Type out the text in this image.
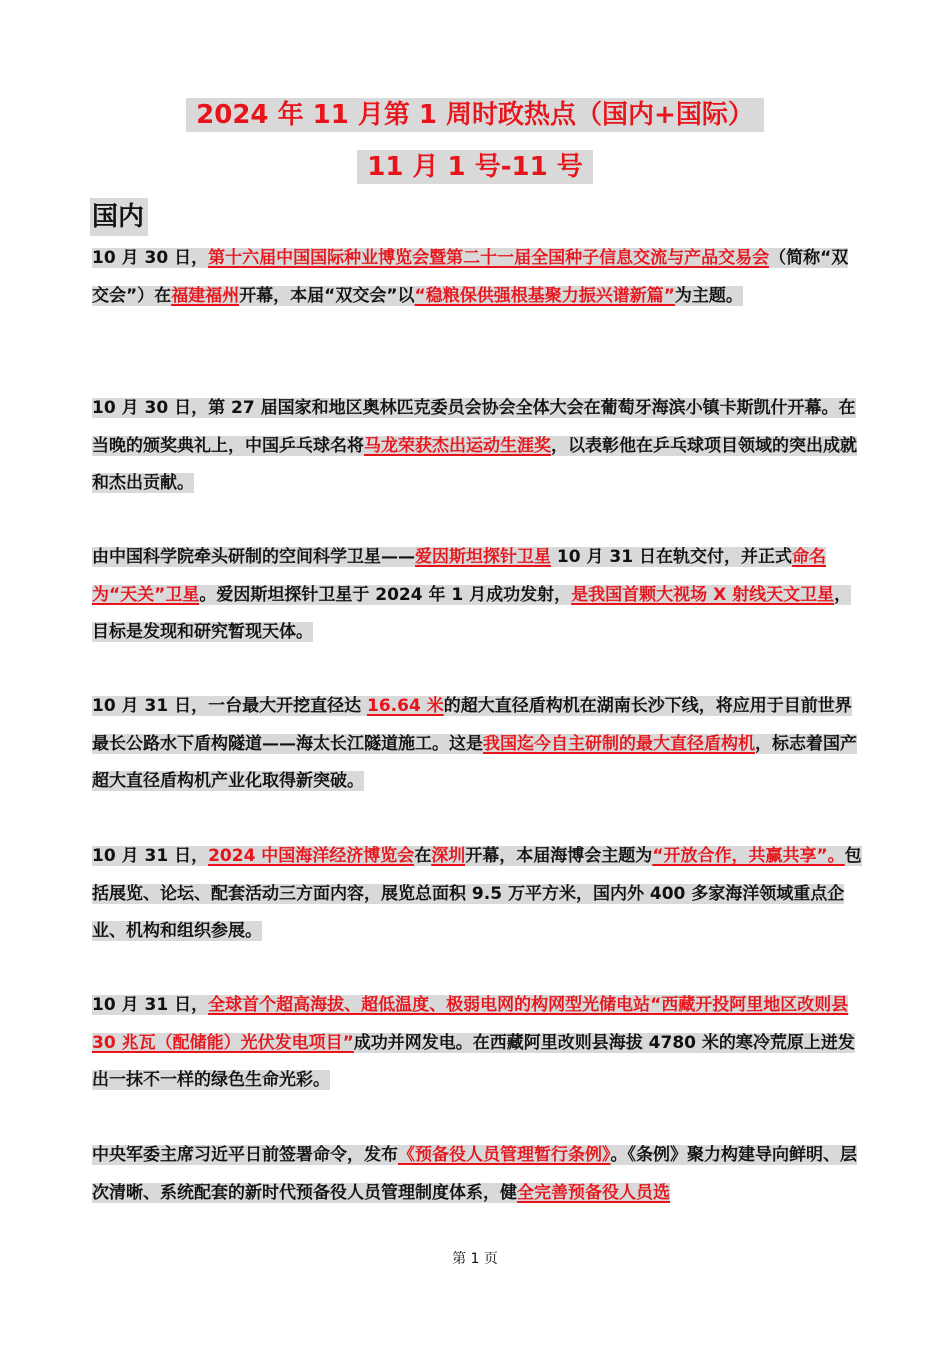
2024 年 11 月第 1 周时政热点（国内+国际）
11 月 1 号-11 号
国内
10 月 30 日，第十六届中国国际种业博览会暨第二十一届全国种子信息交流与产品交易会（简称“双交会”）在福建福州开幕，本届“双交会”以“稳粮保供强根基聚力振兴谱新篇”为主题。
10 月 30 日，第 27 届国家和地区奥林匹克委员会协会全体大会在葡萄牙海滨小镇卡斯凯什开幕。在当晚的颁奖典礼上，中国乒乓球名将马龙荣获杰出运动生涯奖，以表彰他在乒乓球项目领域的突出成就和杰出贡献。
由中国科学院牵头研制的空间科学卫星——爱因斯坦探针卫星 10 月 31 日在轨交付，并正式命名为“天关”卫星。爱因斯坦探针卫星于 2024 年 1 月成功发射，是我国首颗大视场 X 射线天文卫星，目标是发现和研究暂现天体。
10 月 31 日，一台最大开挖直径达 16.64 米的超大直径盾构机在湖南长沙下线，将应用于目前世界最长公路水下盾构隧道——海太长江隧道施工。这是我国迄今自主研制的最大直径盾构机，标志着国产超大直径盾构机产业化取得新突破。
10 月 31 日，2024 中国海洋经济博览会在深圳开幕，本届海博会主题为“开放合作，共赢共享”。包括展览、论坛、配套活动三方面内容，展览总面积 9.5 万平方米，国内外 400 多家海洋领域重点企业、机构和组织参展。
10 月 31 日，全球首个超高海拔、超低温度、极弱电网的构网型光储电站“西藏开投阿里地区改则县 30 兆瓦（配储能）光伏发电项目”成功并网发电。在西藏阿里改则县海拔 4780 米的寒冷荒原上迸发出一抹不一样的绿色生命光彩。
中央军委主席习近平日前签署命令，发布《预备役人员管理暂行条例》。《条例》聚力构建导向鲜明、层次清晰、系统配套的新时代预备役人员管理制度体系，健全完善预备役人员选
第 1 页
